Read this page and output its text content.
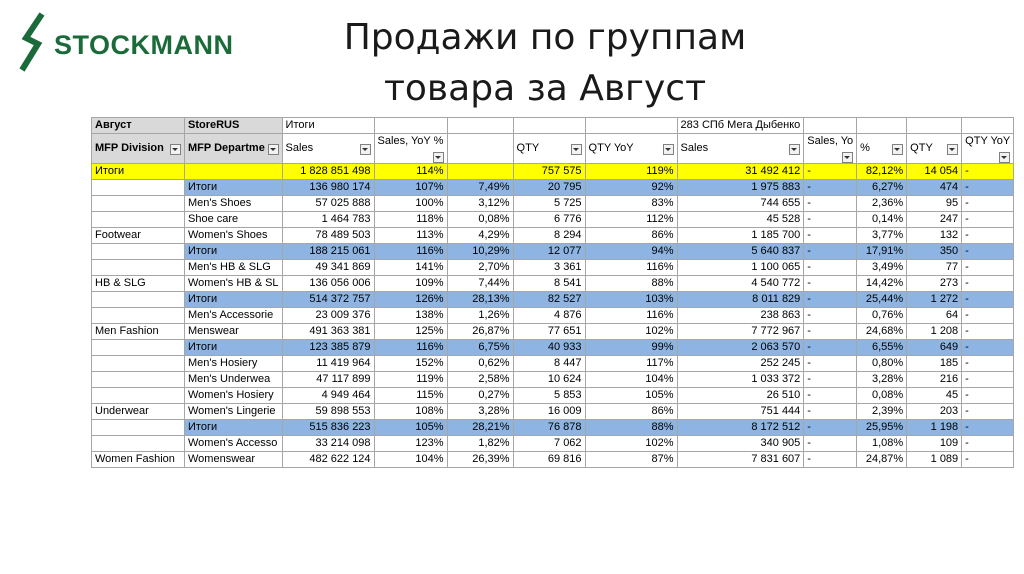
STOCKMANN	Продажи по группам
товара за Август
Август	StoreRUS	Итоги					283 СПб Мега Дыбенко				
MFP Division	MFP Departme	Sales	Sales, YoY %		QTY	QTY YoY	Sales	Sales, Yo	%	QTY	QTY YoY

Итоги		1 828 851 498	114%		757 575	119%	31 492 412	-	82,12%	14 054	-
	Итоги	136 980 174	107%	7,49%	20 795	92%	1 975 883	-	6,27%	474	-
	Men's Shoes	57 025 888	100%	3,12%	5 725	83%	744 655	-	2,36%	95	-
	Shoe care	1 464 783	118%	0,08%	6 776	112%	45 528	-	0,14%	247	-
Footwear	Women's Shoes	78 489 503	113%	4,29%	8 294	86%	1 185 700	-	3,77%	132	-
	Итоги	188 215 061	116%	10,29%	12 077	94%	5 640 837	-	17,91%	350	-
	Men's HB & SLG	49 341 869	141%	2,70%	3 361	116%	1 100 065	-	3,49%	77	-
HB & SLG	Women's HB & SL	136 056 006	109%	7,44%	8 541	88%	4 540 772	-	14,42%	273	-
	Итоги	514 372 757	126%	28,13%	82 527	103%	8 011 829	-	25,44%	1 272	-
	Men's Accessorie	23 009 376	138%	1,26%	4 876	116%	238 863	-	0,76%	64	-
Men Fashion	Menswear	491 363 381	125%	26,87%	77 651	102%	7 772 967	-	24,68%	1 208	-
	Итоги	123 385 879	116%	6,75%	40 933	99%	2 063 570	-	6,55%	649	-
	Men's Hosiery	11 419 964	152%	0,62%	8 447	117%	252 245	-	0,80%	185	-
	Men's Underwea	47 117 899	119%	2,58%	10 624	104%	1 033 372	-	3,28%	216	-
	Women's Hosiery	4 949 464	115%	0,27%	5 853	105%	26 510	-	0,08%	45	-
Underwear	Women's Lingerie	59 898 553	108%	3,28%	16 009	86%	751 444	-	2,39%	203	-
	Итоги	515 836 223	105%	28,21%	76 878	88%	8 172 512	-	25,95%	1 198	-
	Women's Accesso	33 214 098	123%	1,82%	7 062	102%	340 905	-	1,08%	109	-
Women Fashion	Womenswear	482 622 124	104%	26,39%	69 816	87%	7 831 607	-	24,87%	1 089	-
